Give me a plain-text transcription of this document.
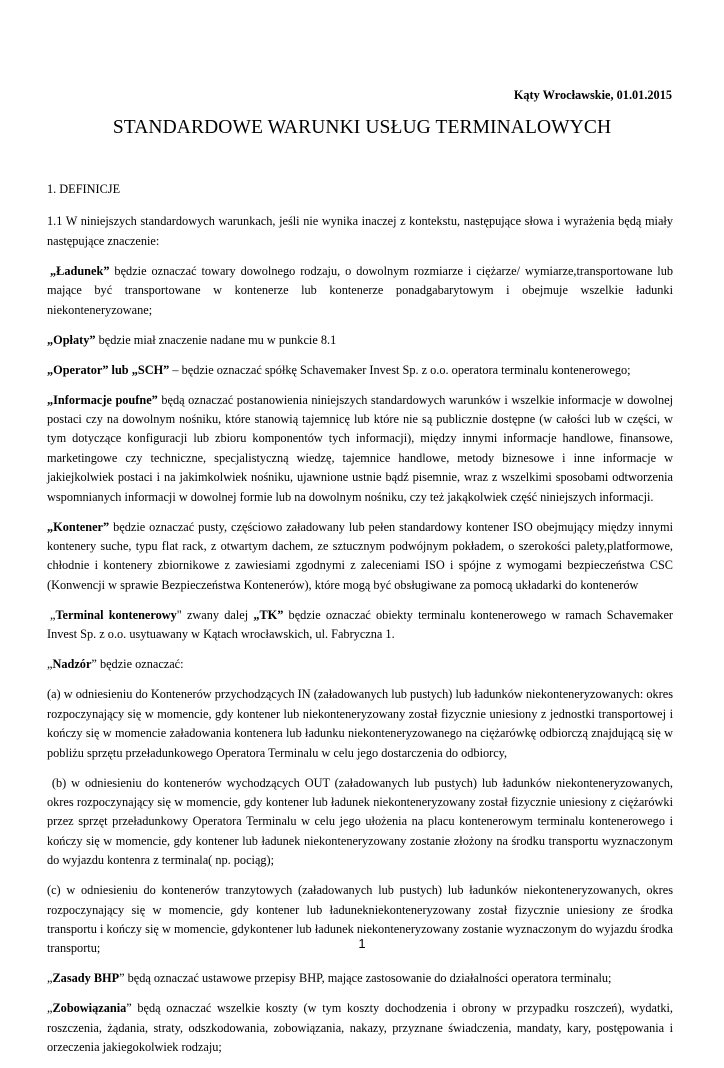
Kąty Wrocławskie, 01.01.2015
STANDARDOWE WARUNKI USŁUG TERMINALOWYCH

1. DEFINICJE

1.1 W niniejszych standardowych warunkach, jeśli nie wynika inaczej z kontekstu, następujące słowa i wyrażenia będą miały następujące znaczenie:

„Ładunek” będzie oznaczać towary dowolnego rodzaju, o dowolnym rozmiarze i ciężarze/ wymiarze,transportowane lub mające być transportowane w kontenerze lub kontenerze ponadgabarytowym i obejmuje wszelkie ładunki niekonteneryzowane;

„Opłaty” będzie miał znaczenie nadane mu w punkcie 8.1

„Operator” lub „SCH” – będzie oznaczać spółkę Schavemaker Invest Sp. z o.o. operatora terminalu kontenerowego;

„Informacje poufne” będą oznaczać postanowienia niniejszych standardowych warunków i wszelkie informacje w dowolnej postaci czy na dowolnym nośniku, które stanowią tajemnicę lub które nie są publicznie dostępne (w całości lub w części, w tym dotyczące konfiguracji lub zbioru komponentów tych informacji), między innymi informacje handlowe, finansowe, marketingowe czy techniczne, specjalistyczną wiedzę, tajemnice handlowe, metody biznesowe i inne informacje w jakiejkolwiek postaci i na jakimkolwiek nośniku, ujawnione ustnie bądź pisemnie, wraz z wszelkimi sposobami odtworzenia wspomnianych informacji w dowolnej formie lub na dowolnym nośniku, czy też jakąkolwiek część niniejszych informacji.

„Kontener” będzie oznaczać pusty, częściowo załadowany lub pełen standardowy kontener ISO obejmujący między innymi kontenery suche, typu flat rack, z otwartym dachem, ze sztucznym podwójnym pokładem, o szerokości palety,platformowe, chłodnie i kontenery zbiornikowe z zawiesiami zgodnymi z zaleceniami ISO i spójne z wymogami bezpieczeństwa CSC (Konwencji w sprawie Bezpieczeństwa Kontenerów), które mogą być obsługiwane za pomocą układarki do kontenerów

„Terminal kontenerowy" zwany dalej „TK” będzie oznaczać obiekty terminalu kontenerowego w ramach Schavemaker Invest Sp. z o.o. usytuawany w Kątach wrocławskich, ul. Fabryczna 1.

„Nadzór” będzie oznaczać:

(a) w odniesieniu do Kontenerów przychodzących IN (załadowanych lub pustych) lub ładunków niekonteneryzowanych: okres rozpoczynający się w momencie, gdy kontener lub niekonteneryzowany został fizycznie uniesiony z jednostki transportowej i kończy się w momencie załadowania kontenera lub ładunku niekonteneryzowanego na ciężarówkę odbiorczą znajdującą się w pobliżu sprzętu przeładunkowego Operatora Terminalu w celu jego dostarczenia do odbiorcy,

(b) w odniesieniu do kontenerów wychodzących OUT (załadowanych lub pustych) lub ładunków niekonteneryzowanych, okres rozpoczynający się w momencie, gdy kontener lub ładunek niekonteneryzowany został fizycznie uniesiony z ciężarówki przez sprzęt przeładunkowy Operatora Terminalu w celu jego ułożenia na placu kontenerowym terminalu kontenerowego i kończy się w momencie, gdy kontener lub ładunek niekonteneryzowany zostanie złożony na środku transportu wyznaczonym do wyjazdu kontenra z terminala( np. pociąg);

(c) w odniesieniu do kontenerów tranzytowych (załadowanych lub pustych) lub ładunków niekonteneryzowanych, okres rozpoczynający się w momencie, gdy kontener lub ładunekniekonteneryzowany został fizycznie uniesiony ze środka transportu i kończy się w momencie, gdykontener lub ładunek niekonteneryzowany zostanie wyznaczonym do wyjazdu środka transportu;

„Zasady BHP” będą oznaczać ustawowe przepisy BHP, mające zastosowanie do działalności operatora terminalu;

„Zobowiązania” będą oznaczać wszelkie koszty (w tym koszty dochodzenia i obrony w przypadku roszczeń), wydatki, roszczenia, żądania, straty, odszkodowania, zobowiązania, nakazy, przyznane świadczenia, mandaty, kary, postępowania i orzeczenia jakiegokolwiek rodzaju;

1
